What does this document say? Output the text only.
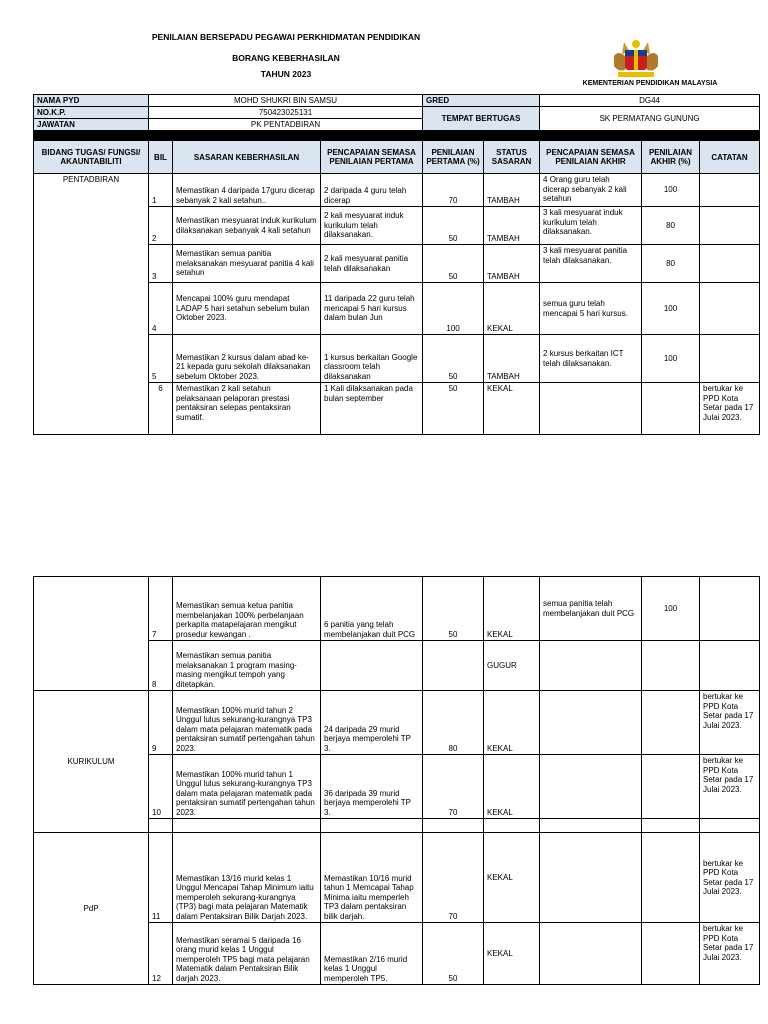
PENILAIAN BERSEPADU PEGAWAI PERKHIDMATAN PENDIDIKAN
BORANG KEBERHASILAN
TAHUN 2023
KEMENTERIAN PENDIDIKAN MALAYSIA
NAMA PYD	MOHD SHUKRI BIN SAMSU			GRED		DG44		
NO.K.P.	750423025131			TEMPAT BERTUGAS		SK PERMATANG GUNUNG		
JAWATAN	PK PENTADBIRAN							

BIDANG TUGAS/ FUNGSI/ AKAUNTABILITI	BIL	SASARAN KEBERHASILAN	PENCAPAIAN SEMASA PENILAIAN PERTAMA	PENILAIAN PERTAMA (%)	STATUS SASARAN	PENCAPAIAN SEMASA PENILAIAN AKHIR	PENILAIAN AKHIR (%)	CATATAN
PENTADBIRAN	1	Memastikan 4 daripada 17guru dicerap sebanyak 2 kali setahun..	2 daripada 4 guru telah dicerap	70	TAMBAH	4 Orang guru telah dicerap sebanyak 2 kali setahun	100	
	2	Memastikan mesyuarat induk kurikulum dilaksanakan sebanyak 4 kali setahun	2 kali mesyuarat induk kurikulum telah dilaksanakan.	50	TAMBAH	3 kali mesyuarat induk kurikulum telah dilaksanakan.	80	
	3	Memastikan semua panitia melaksanakan mesyuarat panitia 4 kali setahun	2 kali mesyuarat panitia telah dilaksanakan	50	TAMBAH	3 kali mesyuarat panitia telah dilaksanakan.	80	
	4	Mencapai 100% guru mendapat LADAP 5 hari setahun sebelum bulan Oktober 2023.	11 daripada 22 guru telah mencapai 5 hari kursus dalam bulan Jun	100	KEKAL	semua guru telah mencapai 5 hari kursus.	100	
	5	Memastikan 2 kursus dalam abad ke-21 kepada guru sekolah dilaksanakan sebelum Oktober 2023.	1 kursus berkaitan Google classroom telah dilaksanakan	50	TAMBAH	2 kursus berkaitan ICT telah dilaksanakan.	100	
	6	Memastikan 2 kali setahun pelaksanaan pelaporan prestasi pentaksiran selepas pentaksiran sumatif.	1 Kali dilaksanakan pada bulan september	50	KEKAL			bertukar ke PPD Kota Setar pada 17 Julai 2023.
	7	Memastikan semua ketua panitia membelanjakan 100% perbelanjaan perkapita matapelajaran mengikut prosedur kewangan .	6 panitia yang telah membelanjakan duit PCG	50	KEKAL	semua panitia telah membelanjakan duit PCG	100	
	8	Memastikan semua panitia melaksanakan 1 program masing-masing mengikut tempoh yang ditetapkan.			GUGUR			
KURIKULUM	9	Memastikan 100% murid tahun 2 Unggul lulus sekurang-kurangnya TP3 dalam mata pelajaran matematik pada pentaksiran sumatif pertengahan tahun 2023.	24 daripada 29 murid berjaya memperolehi TP 3.	80	KEKAL			bertukar ke PPD Kota Setar pada 17 Julai 2023.
	10	Memastikan 100% murid tahun 1 Unggul lulus sekurang-kurangnya TP3 dalam mata pelajaran matematik pada pentaksiran sumatif pertengahan tahun 2023.	36 daripada 39 murid berjaya memperolehi TP 3.	70	KEKAL			bertukar ke PPD Kota Setar pada 17 Julai 2023.

PdP	11	Memastikan 13/16 murid kelas 1 Unggul Mencapai Tahap Minimum iaitu memperoleh sekurang-kurangnya (TP3) bagi mata pelajaran Matematik dalam Pentaksiran Bilik Darjah 2023.	Memastikan 10/16 murid tahun 1 Memcapai Tahap Minima iaitu memperleh TP3 dalam pentaksiran bilik darjah.	70	KEKAL			bertukar ke PPD Kota Setar pada 17 Julai 2023.
	12	Memastikan seramai 5 daripada 16 orang murid kelas 1 Unggul memperoleh TP5 bagi mata pelajaran Matematik dalam Pentaksiran Bilik darjah 2023.	Memastikan 2/16 murid kelas 1 Unggul memperoleh TP5.	50	KEKAL			bertukar ke PPD Kota Setar pada 17 Julai 2023.
